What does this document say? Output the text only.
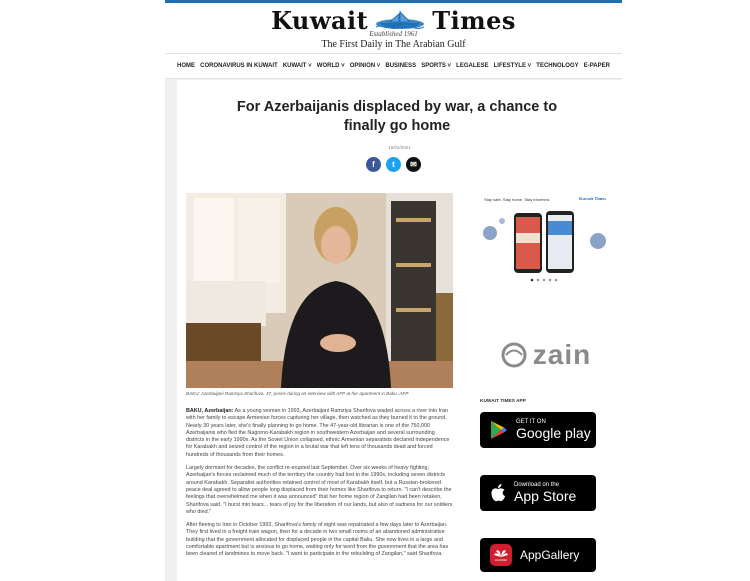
Kuwait	Times
Established 1961
The First Daily in The Arabian Gulf
HOME CORONAVIRUS IN KUWAIT KUWAIT ˅ WORLD ˅ OPINION ˅ BUSINESS SPORTS ˅ LEGALESE LIFESTYLE ˅ TECHNOLOGY E-PAPER
For Azerbaijanis displaced by war, a chance to finally go home
16/04/2021
f	t	✉
BAKU: Azerbaijani Ramziya Sharifova, 47, poses during an interview with AFP at her apartment in Baku.-AFP

BAKU, Azerbaijan: As a young woman in 1993, Azerbaijani Ramziya Sharifova waded across a river into Iran with her family to escape Armenian forces capturing her village, then watched as they burned it to the ground. Nearly 30 years later, she's finally planning to go home. The 47-year-old librarian is one of the 750,000 Azerbaijanis who fled the Nagorno-Karabakh region in southwestern Azerbaijan and several surrounding districts in the early 1990s. As the Soviet Union collapsed, ethnic Armenian separatists declared independence for Karabakh and seized control of the region in a brutal war that left tens of thousands dead and forced hundreds of thousands from their homes.

Largely dormant for decades, the conflict re-erupted last September. Over six weeks of heavy fighting, Azerbaijan's forces reclaimed much of the territory the country had lost in the 1990s, including seven districts around Karabakh. Separatist authorities retained control of most of Karabakh itself, but a Russian-brokered peace deal agreed to allow people long displaced from their homes like Sharifova to return. "I can't describe the feelings that overwhelmed me when it was announced" that her home region of Zangilan had been retaken, Sharifova said. "I burst into tears... tears of joy for the liberation of our lands, but also of sadness for our soldiers who died."

After fleeing to Iran in October 1993, Sharifova's family of eight was repatriated a few days later to Azerbaijan. They first lived in a freight train wagon, then for a decade in two small rooms of an abandoned administrative building that the government allocated for displaced people in the capital Baku. She now lives in a large and comfortable apartment but is anxious to go home, waiting only for word from the government that the area has been cleared of landmines to move back. "I want to participate in the rebuilding of Zangilan," said Sharifova.

Stay safe, Stay home, Stay informed.	Kuwait Times
zain
KUWAIT TIMES APP
GET IT ON
Google play
Download on the
App Store
HUAWEI AppGallery
